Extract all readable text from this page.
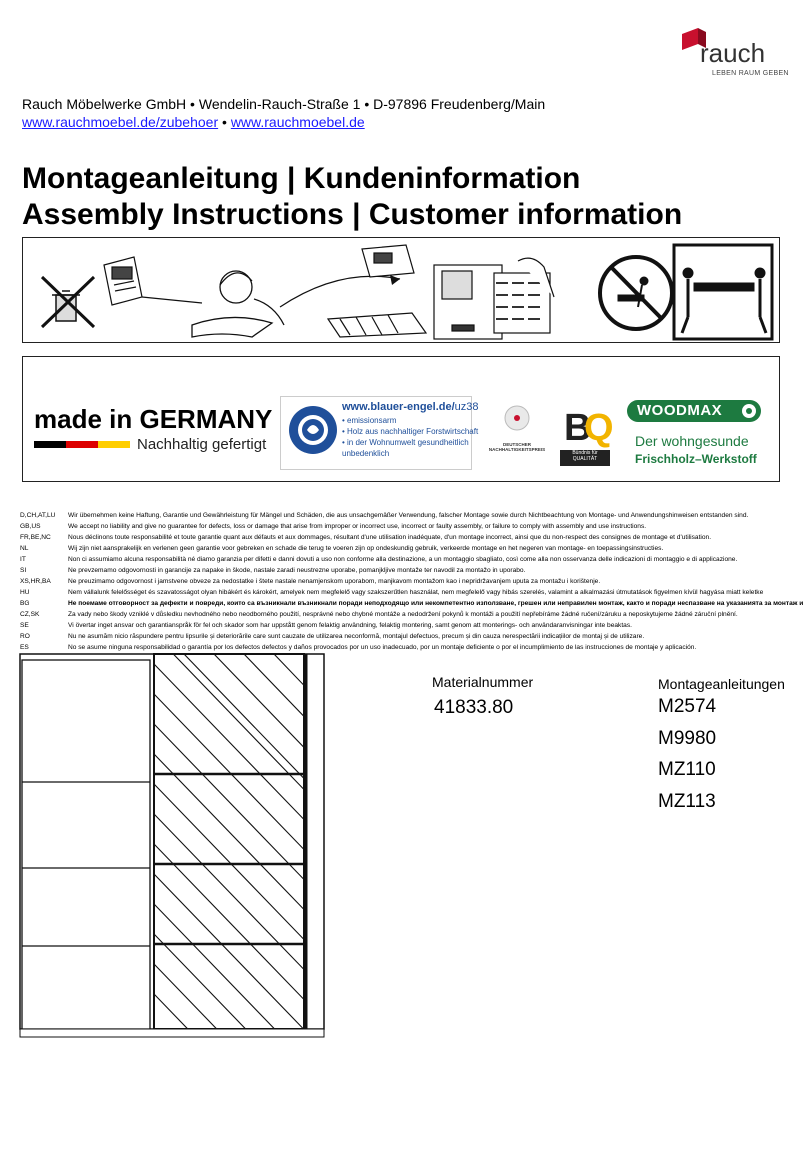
rauch
LEBEN RAUM GEBEN
Rauch Möbelwerke GmbH • Wendelin-Rauch-Straße 1 • D-97896 Freudenberg/Main
www.rauchmoebel.de/zubehoer • www.rauchmoebel.de
Montageanleitung | Kundeninformation
Assembly Instructions | Customer information
made in GERMANY
Nachhaltig gefertigt
www.blauer-engel.de/uz38
• emissionsarm
• Holz aus nachhaltiger Forstwirtschaft
• in der Wohnumwelt gesundheitlich
unbedenklich
DEUTSCHER NACHHALTIGKEITSPREIS
B
Q
Bündnis für QUALITÄT
WOODMAX
Der wohngesunde
Frischholz–Werkstoff
D,CH,AT,LU	Wir übernehmen keine Haftung, Garantie und Gewährleistung für Mängel und Schäden, die aus unsachgemäßer Verwendung, falscher Montage sowie durch Nichtbeachtung von Montage- und Anwendungshinweisen entstanden sind.
GB,US	We accept no liability and give no guarantee for defects, loss or damage that arise from improper or incorrect use, incorrect or faulty assembly, or failure to comply with assembly and use instructions.
FR,BE,NC	Nous déclinons toute responsabilité et toute garantie quant aux défauts et aux dommages, résultant d'une utilisation inadéquate, d'un montage incorrect, ainsi que du non-respect des consignes de montage et d'utilisation.
NL	Wij zijn niet aansprakelijk en verlenen geen garantie voor gebreken en schade die terug te voeren zijn op ondeskundig gebruik, verkeerde montage en het negeren van montage- en toepassingsinstructies.
IT	Non ci assumiamo alcuna responsabilità né diamo garanzia per difetti e danni dovuti a uso non conforme alla destinazione, a un montaggio sbagliato, così come alla non osservanza delle indicazioni di montaggio e di applicazione.
SI	Ne prevzemamo odgovornosti in garancije za napake in škode, nastale zaradi neustrezne uporabe, pomanjkljive montaže ter navodil za montažo in uporabo.
XS,HR,BA	Ne preuzimamo odgovornost i jamstvene obveze za nedostatke i štete nastale nenamjenskom uporabom, manjkavom montažom kao i nepridržavanjem uputa za montažu i korištenje.
HU	Nem vállalunk felelősséget és szavatosságot olyan hibákért és károkért, amelyek nem megfelelő vagy szakszerűtlen használat, nem megfelelő vagy hibás szerelés, valamint a alkalmazási útmutatások figyelmen kívül hagyása miatt keletke
BG	Не поемаме отговорност за дефекти и повреди, които са възникнали възникнали поради неподходящо или некомпетентно използване, грешен или неправилен монтаж, както и поради неспазване на указанията за монтаж и
CZ,SK	Za vady nebo škody vzniklé v důsledku nevhodného nebo neodborného použití, nesprávné nebo chybné montáže a nedodržení pokynů k montáži a použití nepřebíráme žádné ručení/záruku a neposkytujeme žádné záruční plnění.
SE	Vi övertar inget ansvar och garantianspråk för fel och skador som har uppstått genom felaktig användning, felaktig montering, samt genom att monterings- och användaranvisningar inte beaktas.
RO	Nu ne asumăm nicio răspundere pentru lipsurile și deteriorările care sunt cauzate de utilizarea neconformă, montajul defectuos, precum și din cauza nerespectării indicațiilor de montaj și de utilizare.
ES	No se asume ninguna responsabilidad o garantía por los defectos defectos y daños provocados por un uso inadecuado, por un montaje deficiente o por el incumplimiento de las instrucciones de montaje y aplicación.
Materialnummer
41833.80
Montageanleitungen
M2574
M9980
MZ110
MZ113
